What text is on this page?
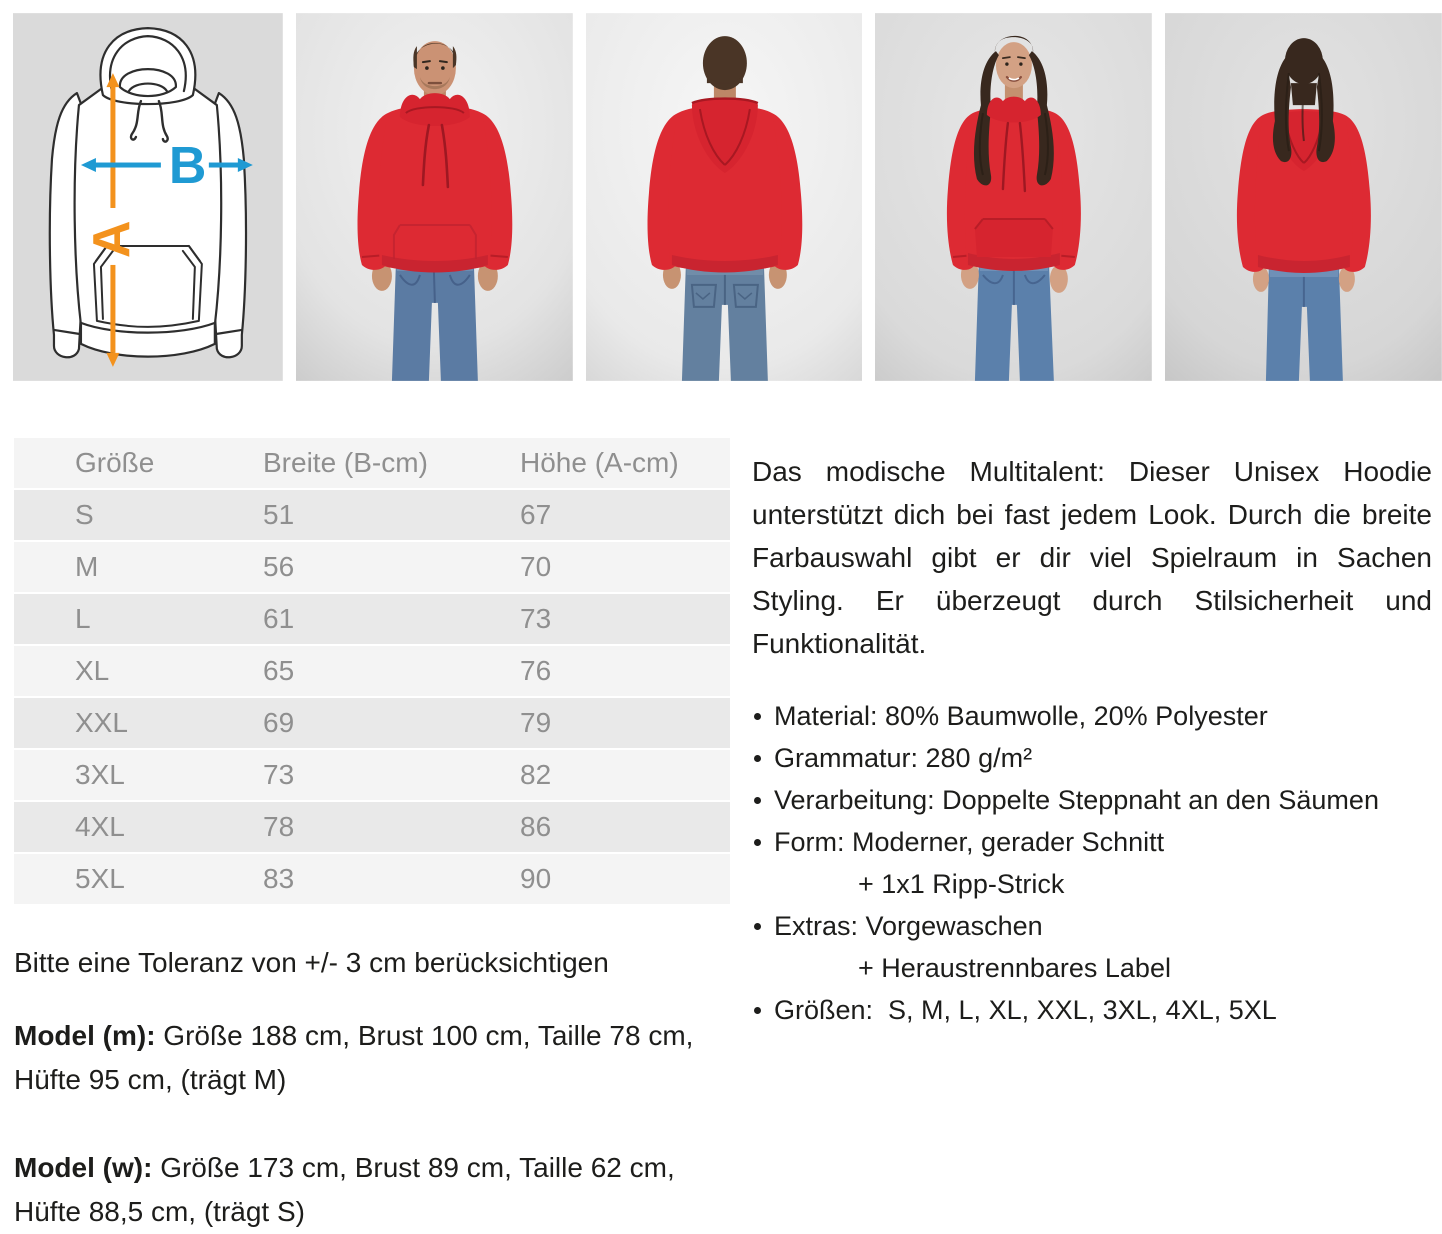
A
B
Größe	Breite (B-cm)	Höhe (A-cm)
S	51	67
M	56	70
L	61	73
XL	65	76
XXL	69	79
3XL	73	82
4XL	78	86
5XL	83	90

Bitte eine Toleranz von +/- 3 cm berücksichtigen

Model (m): Größe 188 cm, Brust 100 cm, Taille 78 cm, Hüfte 95 cm, (trägt M)

Model (w): Größe 173 cm, Brust 89 cm, Taille 62 cm, Hüfte 88,5 cm, (trägt S)

Das modische Multitalent: Dieser Unisex Hoodie unterstützt dich bei fast jedem Look. Durch die breite Farbauswahl gibt er dir viel Spielraum in Sachen Styling. Er überzeugt durch Stilsicherheit und Funktionalität.

Material: 80% Baumwolle, 20% Polyester
Grammatur: 280 g/m²
Verarbeitung: Doppelte Steppnaht an den Säumen
Form: Moderner, gerader Schnitt
+ 1x1 Ripp-Strick
Extras: Vorgewaschen
+ Heraustrennbares Label
Größen:  S, M, L, XL, XXL, 3XL, 4XL, 5XL
